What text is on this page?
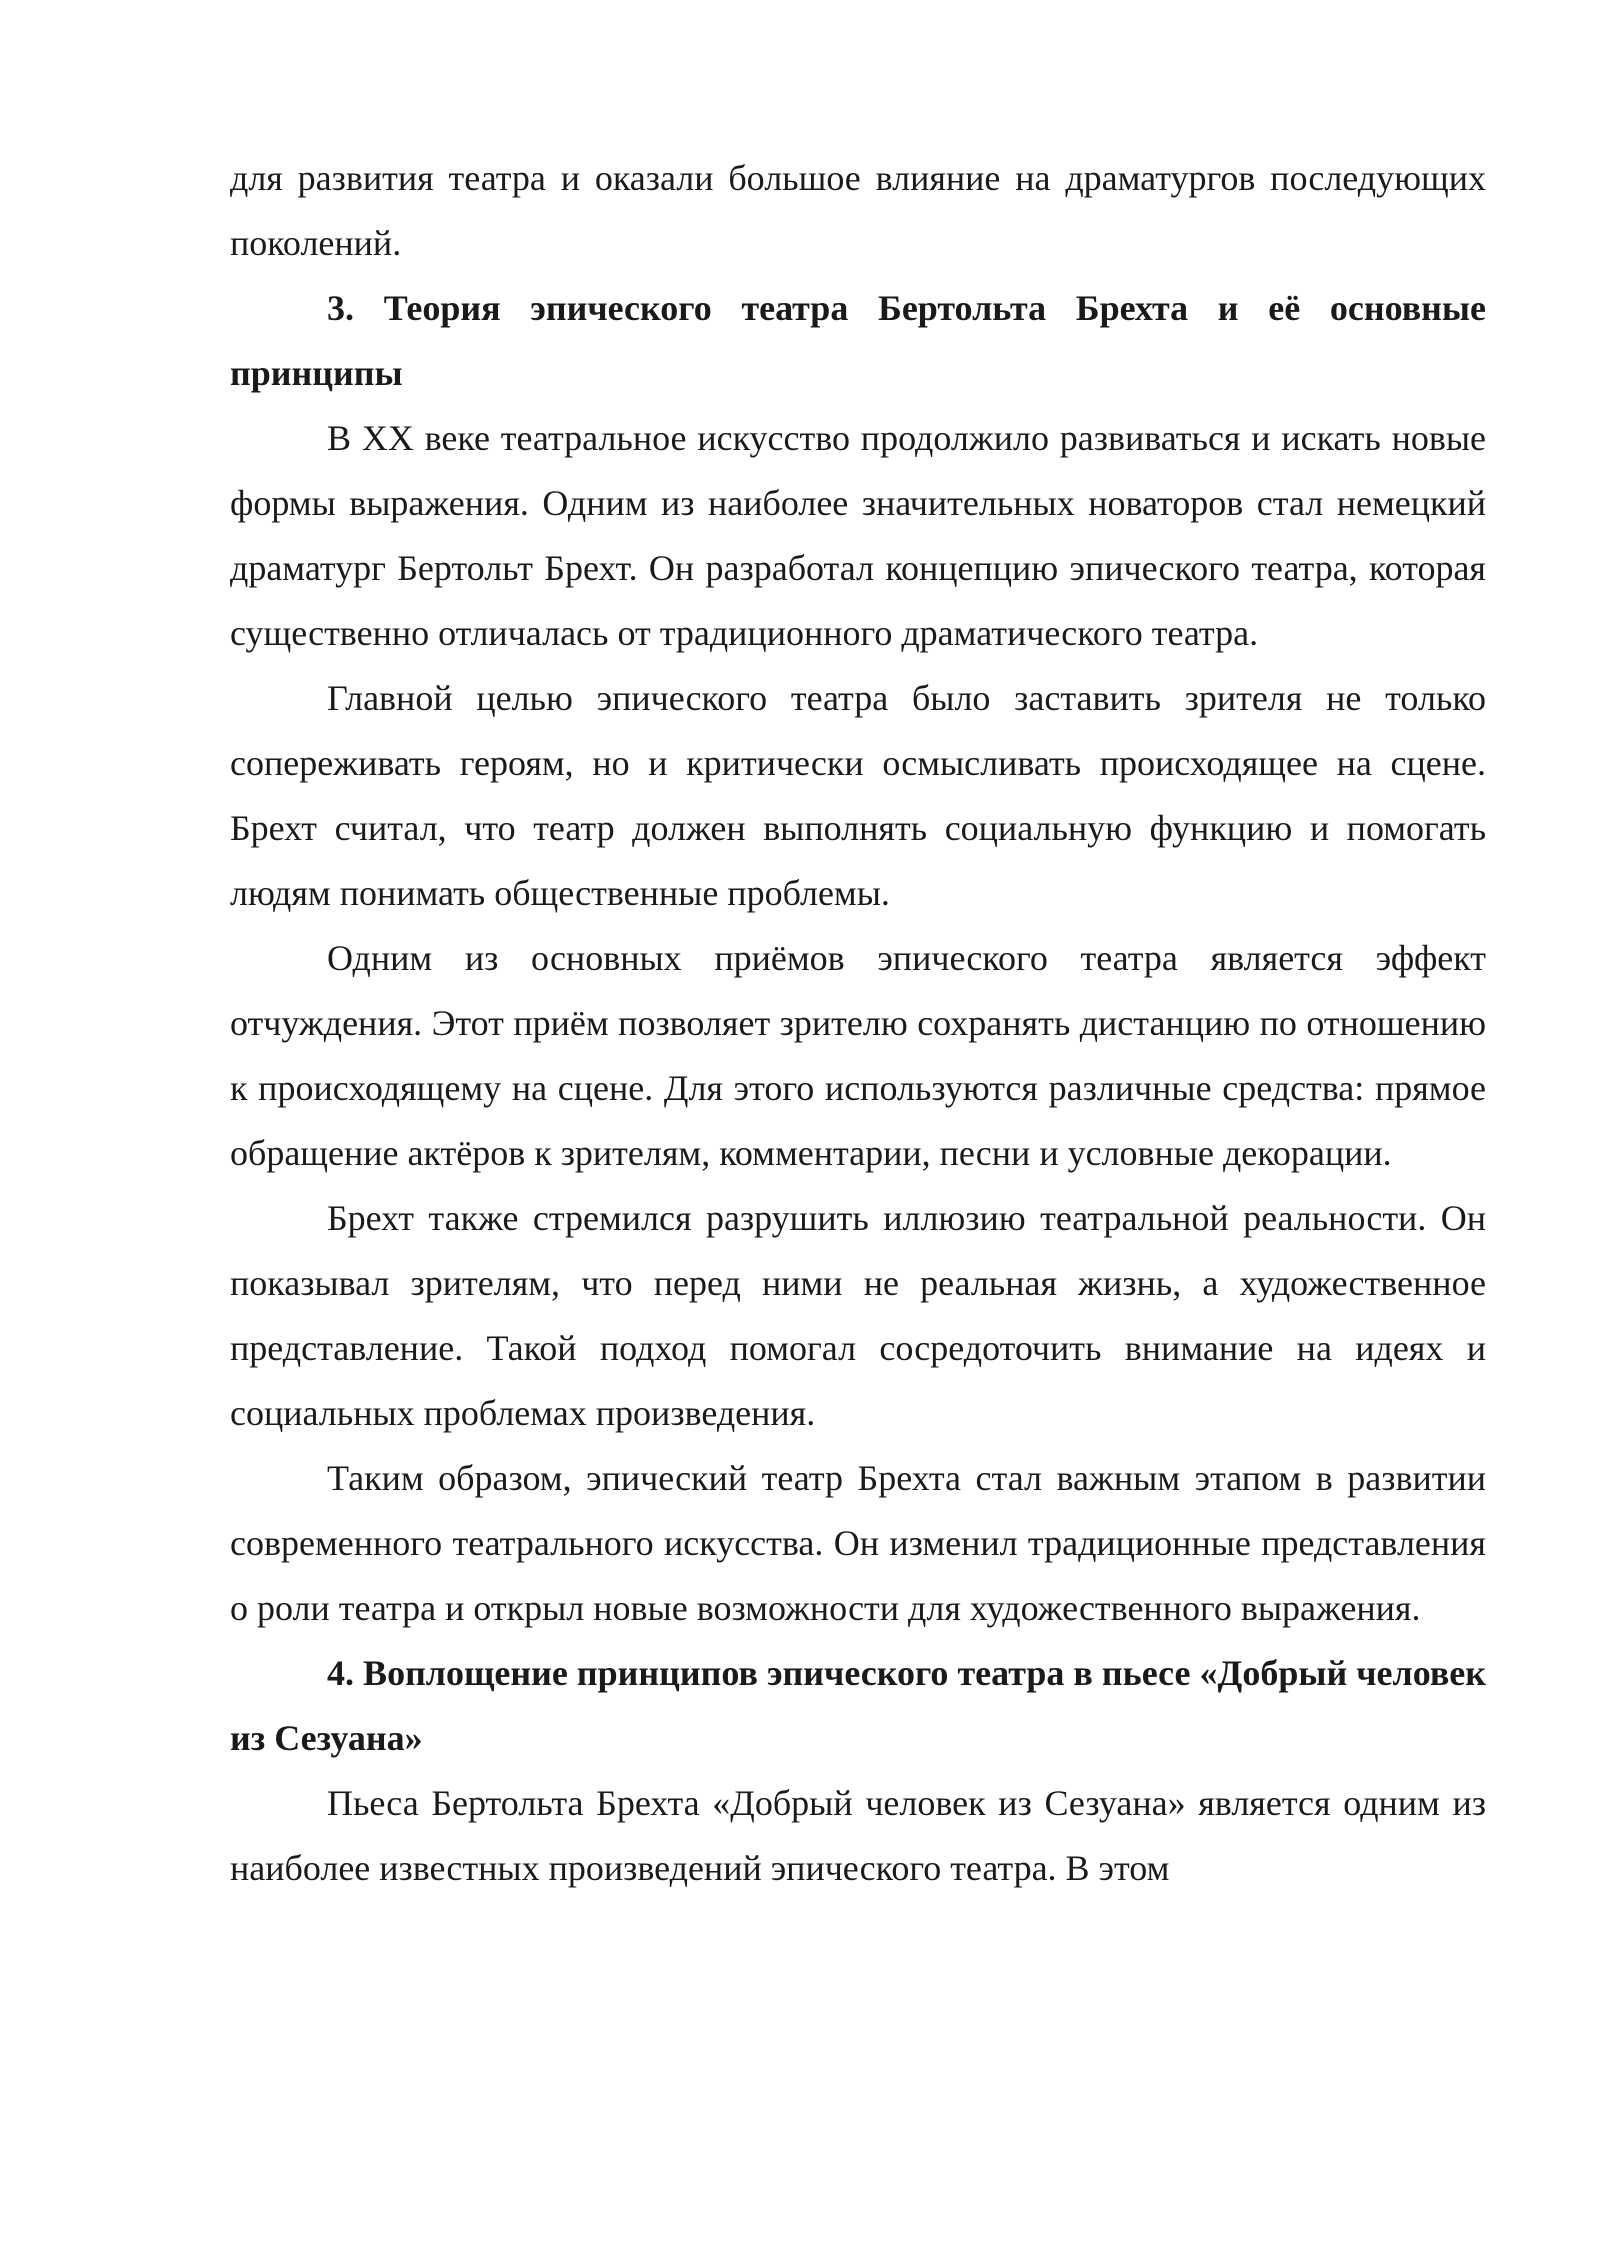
для развития театра и оказали большое влияние на драматургов последующих поколений.

3. Теория эпического театра Бертольта Брехта и её основные принципы

В XX веке театральное искусство продолжило развиваться и искать новые формы выражения. Одним из наиболее значительных новаторов стал немецкий драматург Бертольт Брехт. Он разработал концепцию эпического театра, которая существенно отличалась от традиционного драматического театра.

Главной целью эпического театра было заставить зрителя не только сопереживать героям, но и критически осмысливать происходящее на сцене. Брехт считал, что театр должен выполнять социальную функцию и помогать людям понимать общественные проблемы.

Одним из основных приёмов эпического театра является эффект отчуждения. Этот приём позволяет зрителю сохранять дистанцию по отношению к происходящему на сцене. Для этого используются различные средства: прямое обращение актёров к зрителям, комментарии, песни и условные декорации.

Брехт также стремился разрушить иллюзию театральной реальности. Он показывал зрителям, что перед ними не реальная жизнь, а художественное представление. Такой подход помогал сосредоточить внимание на идеях и социальных проблемах произведения.

Таким образом, эпический театр Брехта стал важным этапом в развитии современного театрального искусства. Он изменил традиционные представления о роли театра и открыл новые возможности для художественного выражения.

4. Воплощение принципов эпического театра в пьесе «Добрый человек из Сезуана»

Пьеса Бертольта Брехта «Добрый человек из Сезуана» является одним из наиболее известных произведений эпического театра. В этом
